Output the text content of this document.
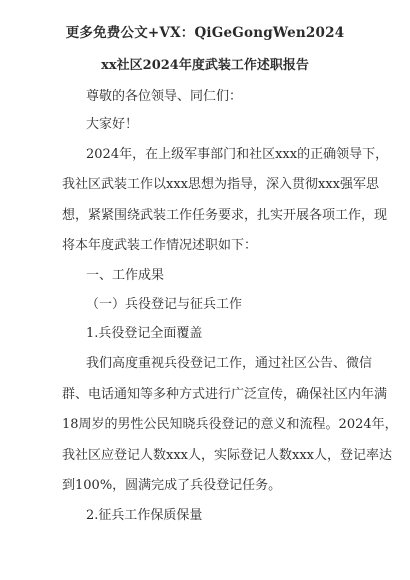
更多免费公文+VX：QiGeGongWen2024
xx社区2024年度武装工作述职报告
尊敬的各位领导、同仁们：
大家好！
2024年，在上级军事部门和社区xxx的正确领导下，
我社区武装工作以xxx思想为指导，深入贯彻xxx强军思
想，紧紧围绕武装工作任务要求，扎实开展各项工作，现
将本年度武装工作情况述职如下：
一、工作成果
（一）兵役登记与征兵工作
1.兵役登记全面覆盖
我们高度重视兵役登记工作，通过社区公告、微信
群、电话通知等多种方式进行广泛宣传，确保社区内年满
18周岁的男性公民知晓兵役登记的意义和流程。2024年，
我社区应登记人数xxx人，实际登记人数xxx人，登记率达
到100%，圆满完成了兵役登记任务。
2.征兵工作保质保量
